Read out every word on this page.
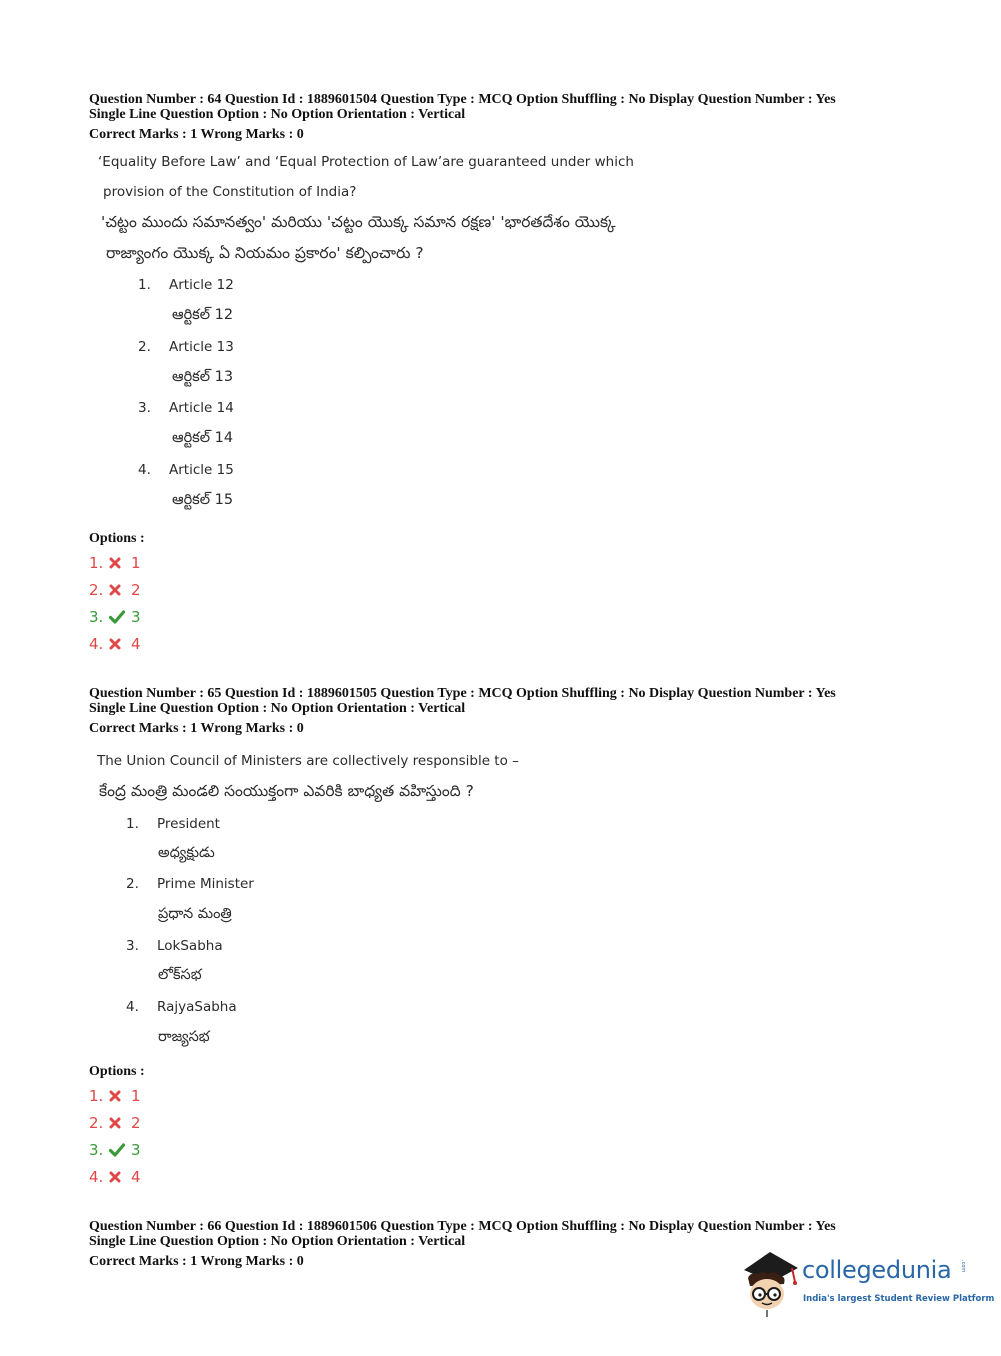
Question Number : 64 Question Id : 1889601504 Question Type : MCQ Option Shuffling : No Display Question Number : Yes
Single Line Question Option : No Option Orientation : Vertical
Correct Marks : 1 Wrong Marks : 0
‘Equality Before Law’ and ‘Equal Protection of Law’are guaranteed under which
provision of the Constitution of India?
'చట్టం ముందు సమానత్వం' మరియు 'చట్టం యొక్క సమాన రక్షణ' 'భారతదేశం యొక్క
రాజ్యాంగం యొక్క ఏ నియమం ప్రకారం' కల్పించారు ?
1. Article 12
ఆర్టికల్ 12
2. Article 13
ఆర్టికల్ 13
3. Article 14
ఆర్టికల్ 14
4. Article 15
ఆర్టికల్ 15
Options :
1.	1
2.	2
3.	3
4.	4
Question Number : 65 Question Id : 1889601505 Question Type : MCQ Option Shuffling : No Display Question Number : Yes
Single Line Question Option : No Option Orientation : Vertical
Correct Marks : 1 Wrong Marks : 0
The Union Council of Ministers are collectively responsible to –
కేంద్ర మంత్రి మండలి సంయుక్తంగా ఎవరికి బాధ్యత వహిస్తుంది ?
1. President
అధ్యక్షుడు
2. Prime Minister
ప్రధాన మంత్రి
3. LokSabha
లోక్‌సభ
4. RajyaSabha
రాజ్యసభ
Options :
1.	1
2.	2
3.	3
4.	4
Question Number : 66 Question Id : 1889601506 Question Type : MCQ Option Shuffling : No Display Question Number : Yes
Single Line Question Option : No Option Orientation : Vertical
Correct Marks : 1 Wrong Marks : 0	collegedunia .com
India's largest Student Review Platform
